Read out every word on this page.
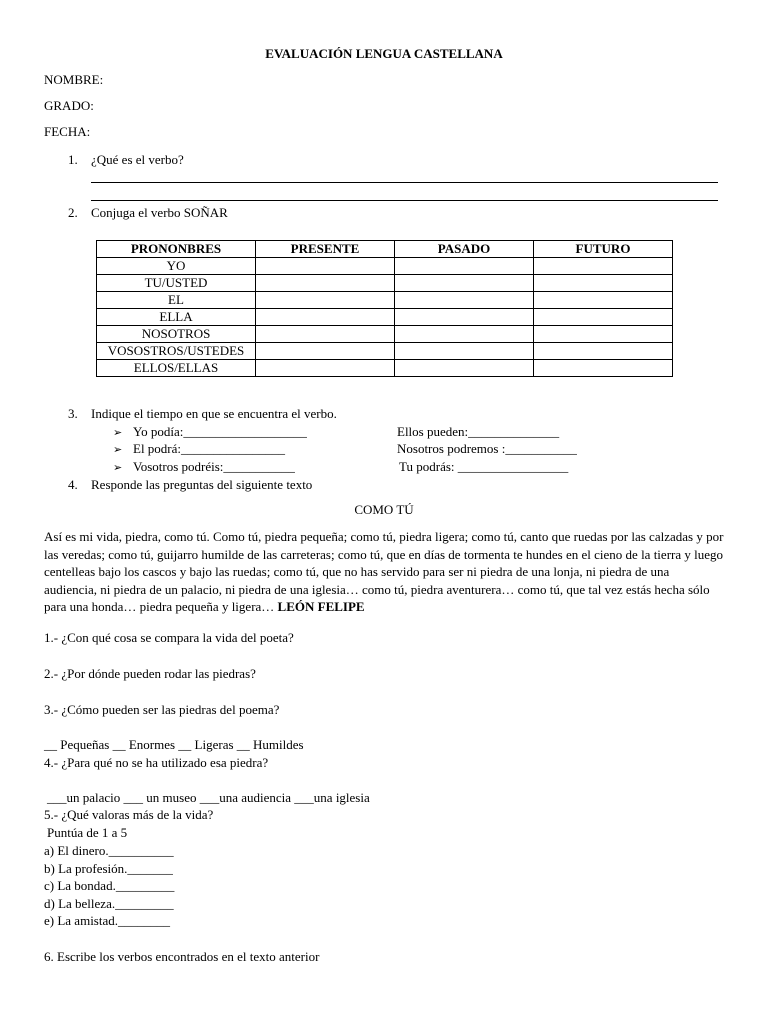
EVALUACIÓN LENGUA CASTELLANA
NOMBRE:
GRADO:
FECHA:
1. ¿Qué es el verbo?
2. Conjuga el verbo SOÑAR
PRONONBRES	PRESENTE	PASADO	FUTURO
YO			
TU/USTED			
EL			
ELLA			
NOSOTROS			
VOSOSTROS/USTEDES			
ELLOS/ELLAS			
3. Indique el tiempo en que se encuentra el verbo.
➢ Yo podía:___________________
➢ El podrá:________________
➢ Vosotros podréis:___________
Ellos pueden:______________
Nosotros podremos :___________
Tu podrás: _________________
4. Responde las preguntas del siguiente texto
COMO TÚ
Así es mi vida, piedra, como tú. Como tú, piedra pequeña; como tú, piedra ligera; como tú, canto que ruedas por las calzadas y por las veredas; como tú, guijarro humilde de las carreteras; como tú, que en días de tormenta te hundes en el cieno de la tierra y luego centelleas bajo los cascos y bajo las ruedas; como tú, que no has servido para ser ni piedra de una lonja, ni piedra de una audiencia, ni piedra de un palacio, ni piedra de una iglesia… como tú, piedra aventurera… como tú, que tal vez estás hecha sólo para una honda… piedra pequeña y ligera… LEÓN FELIPE
1.- ¿Con qué cosa se compara la vida del poeta?
2.- ¿Por dónde pueden rodar las piedras?
3.- ¿Cómo pueden ser las piedras del poema?
__ Pequeñas __ Enormes __ Ligeras __ Humildes
4.- ¿Para qué no se ha utilizado esa piedra?
___un palacio ___ un museo ___una audiencia ___una iglesia
5.- ¿Qué valoras más de la vida?
Puntúa de 1 a 5
a) El dinero.__________
b) La profesión._______
c) La bondad._________
d) La belleza._________
e) La amistad.________
6. Escribe los verbos encontrados en el texto anterior
